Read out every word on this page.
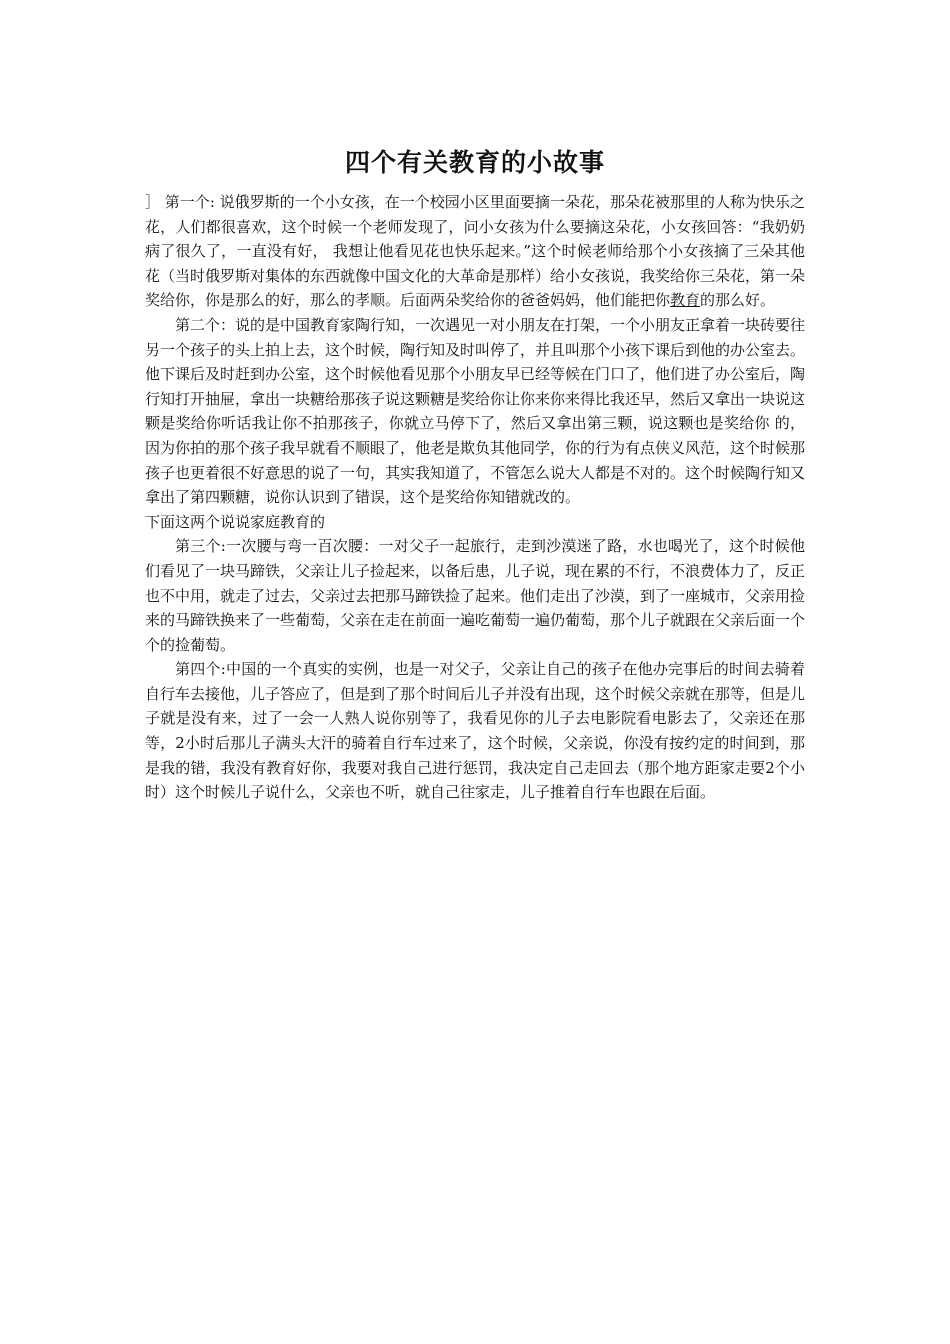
四个有关教育的小故事

］ 第一个: 说俄罗斯的一个小女孩，在一个校园小区里面要摘一朵花，那朵花被那里的人称为快乐之花，人们都很喜欢，这个时候一个老师发现了，问小女孩为什么要摘这朵花，小女孩回答：“我奶奶病了很久了，一直没有好， 我想让他看见花也快乐起来。”这个时候老师给那个小女孩摘了三朵其他花（当时俄罗斯对集体的东西就像中国文化的大革命是那样）给小女孩说，我奖给你三朵花，第一朵奖给你，你是那么的好，那么的孝顺。后面两朵奖给你的爸爸妈妈，他们能把你教育的那么好。

第二个：说的是中国教育家陶行知，一次遇见一对小朋友在打架，一个小朋友正拿着一块砖要往另一个孩子的头上拍上去，这个时候，陶行知及时叫停了，并且叫那个小孩下课后到他的办公室去。他下课后及时赶到办公室，这个时候他看见那个小朋友早已经等候在门口了，他们进了办公室后，陶行知打开抽屉，拿出一块糖给那孩子说这颗糖是奖给你让你来你来得比我还早，然后又拿出一块说这颗是奖给你听话我让你不拍那孩子，你就立马停下了，然后又拿出第三颗，说这颗也是奖给你 的，因为你拍的那个孩子我早就看不顺眼了，他老是欺负其他同学，你的行为有点侠义风范，这个时候那孩子也更着很不好意思的说了一句，其实我知道了，不管怎么说大人都是不对的。这个时候陶行知又拿出了第四颗糖，说你认识到了错误，这个是奖给你知错就改的。

下面这两个说说家庭教育的

第三个:一次腰与弯一百次腰：一对父子一起旅行，走到沙漠迷了路，水也喝光了，这个时候他们看见了一块马蹄铁，父亲让儿子捡起来，以备后患，儿子说，现在累的不行，不浪费体力了，反正也不中用，就走了过去，父亲过去把那马蹄铁捡了起来。他们走出了沙漠，到了一座城市，父亲用捡来的马蹄铁换来了一些葡萄，父亲在走在前面一遍吃葡萄一遍仍葡萄，那个儿子就跟在父亲后面一个个的捡葡萄。

第四个:中国的一个真实的实例，也是一对父子，父亲让自己的孩子在他办完事后的时间去骑着自行车去接他，儿子答应了，但是到了那个时间后儿子并没有出现，这个时候父亲就在那等，但是儿子就是没有来，过了一会一人熟人说你别等了，我看见你的儿子去电影院看电影去了，父亲还在那等，2小时后那儿子满头大汗的骑着自行车过来了，这个时候，父亲说，你没有按约定的时间到，那是我的错，我没有教育好你，我要对我自己进行惩罚，我决定自己走回去（那个地方距家走要2个小时）这个时候儿子说什么，父亲也不听，就自己往家走，儿子推着自行车也跟在后面。
